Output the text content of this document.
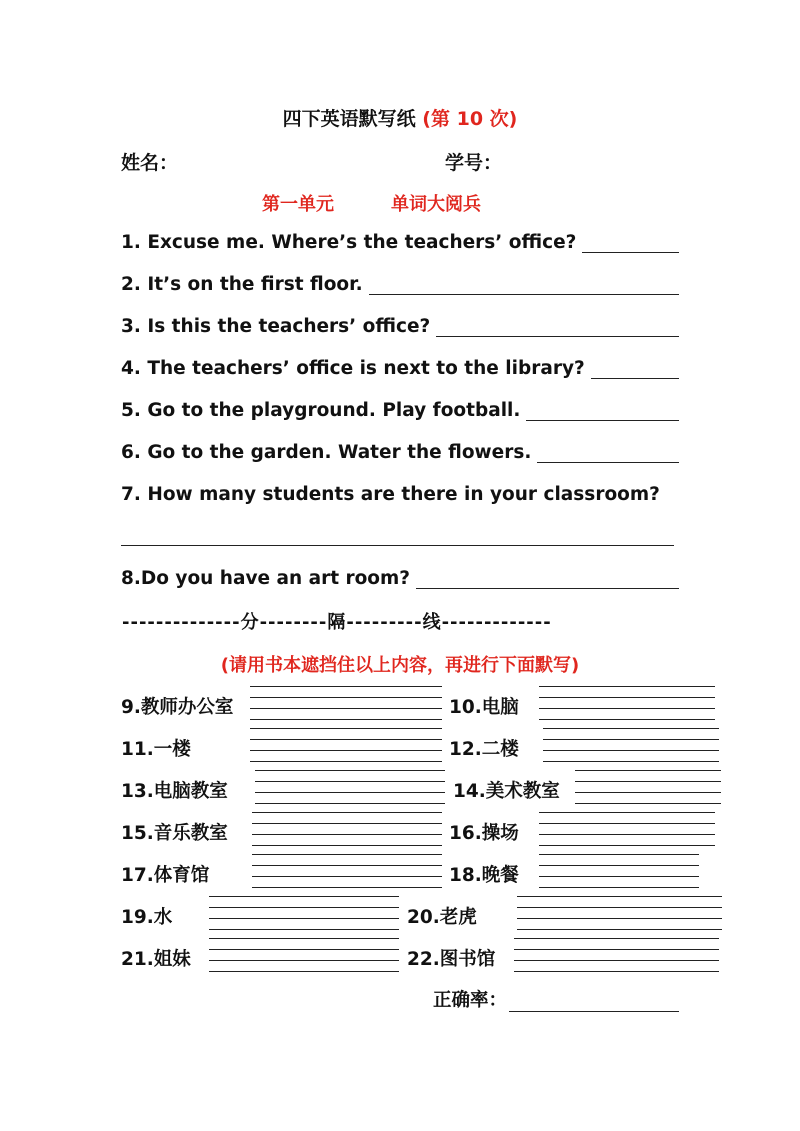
四下英语默写纸 (第 10 次)
姓名：	学号：
第一单元	单词大阅兵
1. Excuse me. Where’s the teachers’ office?
2. It’s on the first floor.
3. Is this the teachers’ office?
4. The teachers’ office is next to the library?
5. Go to the playground. Play football.
6. Go to the garden. Water the flowers.
7. How many students are there in your classroom?
8.Do you have an art room?
--------------分--------隔---------线-------------
(请用书本遮挡住以上内容，再进行下面默写)
9.教师办公室	10.电脑
11.一楼	12.二楼
13.电脑教室	14.美术教室
15.音乐教室	16.操场
17.体育馆	18.晚餐
19.水	20.老虎
21.姐妹	22.图书馆
正确率：
